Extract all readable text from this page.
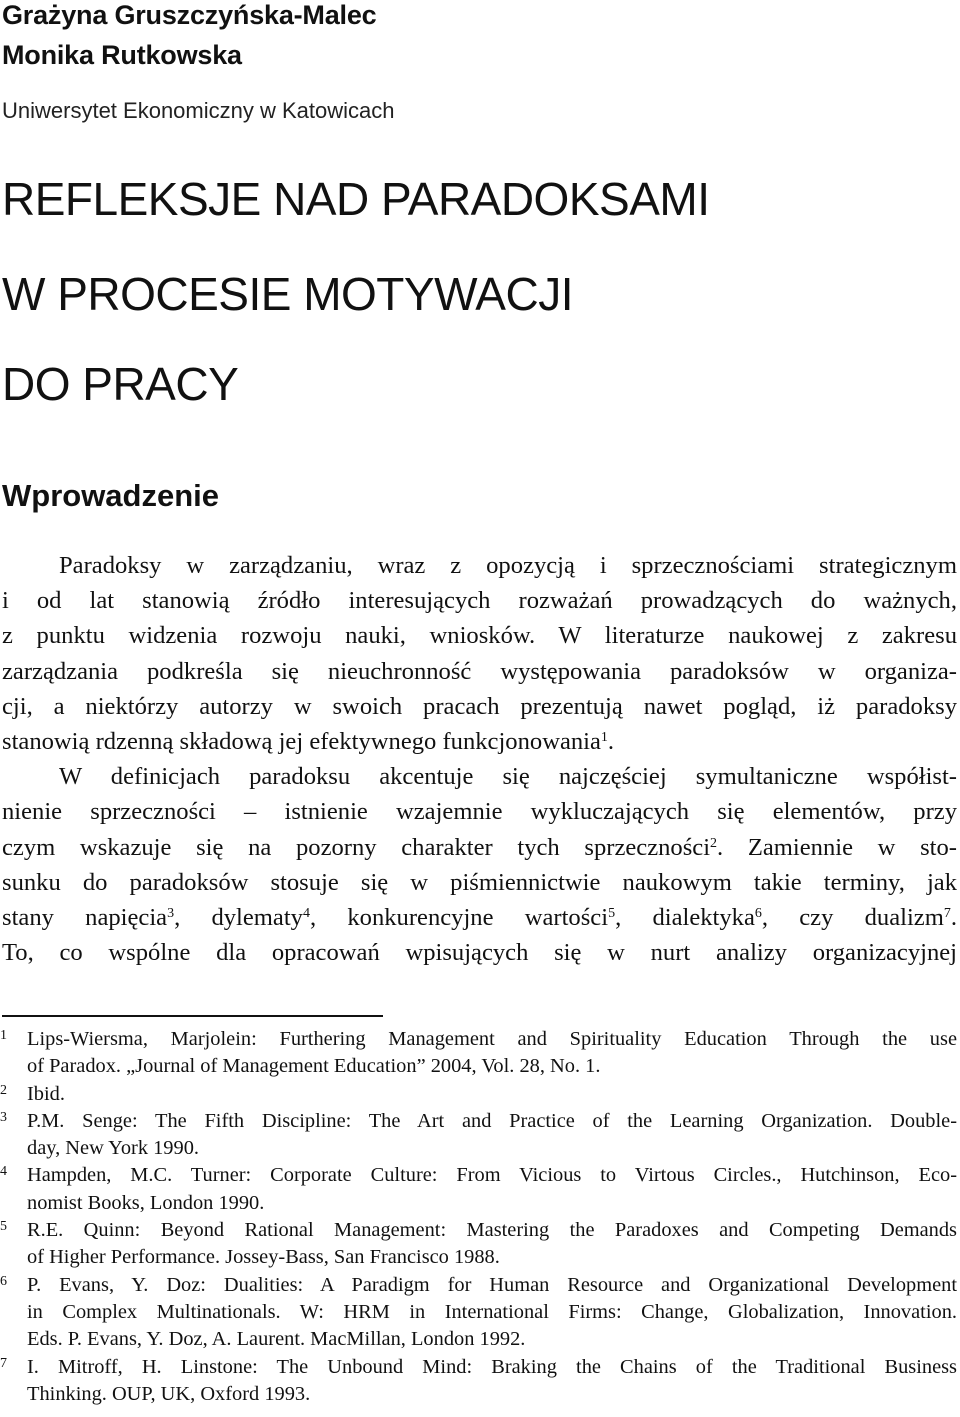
Grażyna Gruszczyńska-Malec
Monika Rutkowska
Uniwersytet Ekonomiczny w Katowicach
REFLEKSJE NAD PARADOKSAMI
W PROCESIE MOTYWACJI
DO PRACY
Wprowadzenie
Paradoksy w zarządzaniu, wraz z opozycją i sprzecznościami strategicznym
i od lat stanowią źródło interesujących rozważań prowadzących do ważnych,
z punktu widzenia rozwoju nauki, wniosków. W literaturze naukowej z zakresu
zarządzania podkreśla się nieuchronność występowania paradoksów w organiza-
cji, a niektórzy autorzy w swoich pracach prezentują nawet pogląd, iż paradoksy
stanowią rdzenną składową jej efektywnego funkcjonowania$^1$.
W definicjach paradoksu akcentuje się najczęściej symultaniczne współist-
nienie sprzeczności – istnienie wzajemnie wykluczających się elementów, przy
czym wskazuje się na pozorny charakter tych sprzeczności$^2$. Zamiennie w sto-
sunku do paradoksów stosuje się w piśmiennictwie naukowym takie terminy, jak
stany napięcia$^3$, dylematy$^4$, konkurencyjne wartości$^5$, dialektyka$^6$, czy dualizm$^7$.
To, co wspólne dla opracowań wpisujących się w nurt analizy organizacyjnej
1 Lips-Wiersma, Marjolein: Furthering Management and Spirituality Education Through the use
of Paradox. „Journal of Management Education” 2004, Vol. 28, No. 1.
2 Ibid.
3 P.M. Senge: The Fifth Discipline: The Art and Practice of the Learning Organization. Double-
day, New York 1990.
4 Hampden, M.C. Turner: Corporate Culture: From Vicious to Virtous Circles., Hutchinson, Eco-
nomist Books, London 1990.
5 R.E. Quinn: Beyond Rational Management: Mastering the Paradoxes and Competing Demands
of Higher Performance. Jossey-Bass, San Francisco 1988.
6 P. Evans, Y. Doz: Dualities: A Paradigm for Human Resource and Organizational Development
in Complex Multinationals. W: HRM in International Firms: Change, Globalization, Innovation.
Eds. P. Evans, Y. Doz, A. Laurent. MacMillan, London 1992.
7 I. Mitroff, H. Linstone: The Unbound Mind: Braking the Chains of the Traditional Business
Thinking. OUP, UK, Oxford 1993.
